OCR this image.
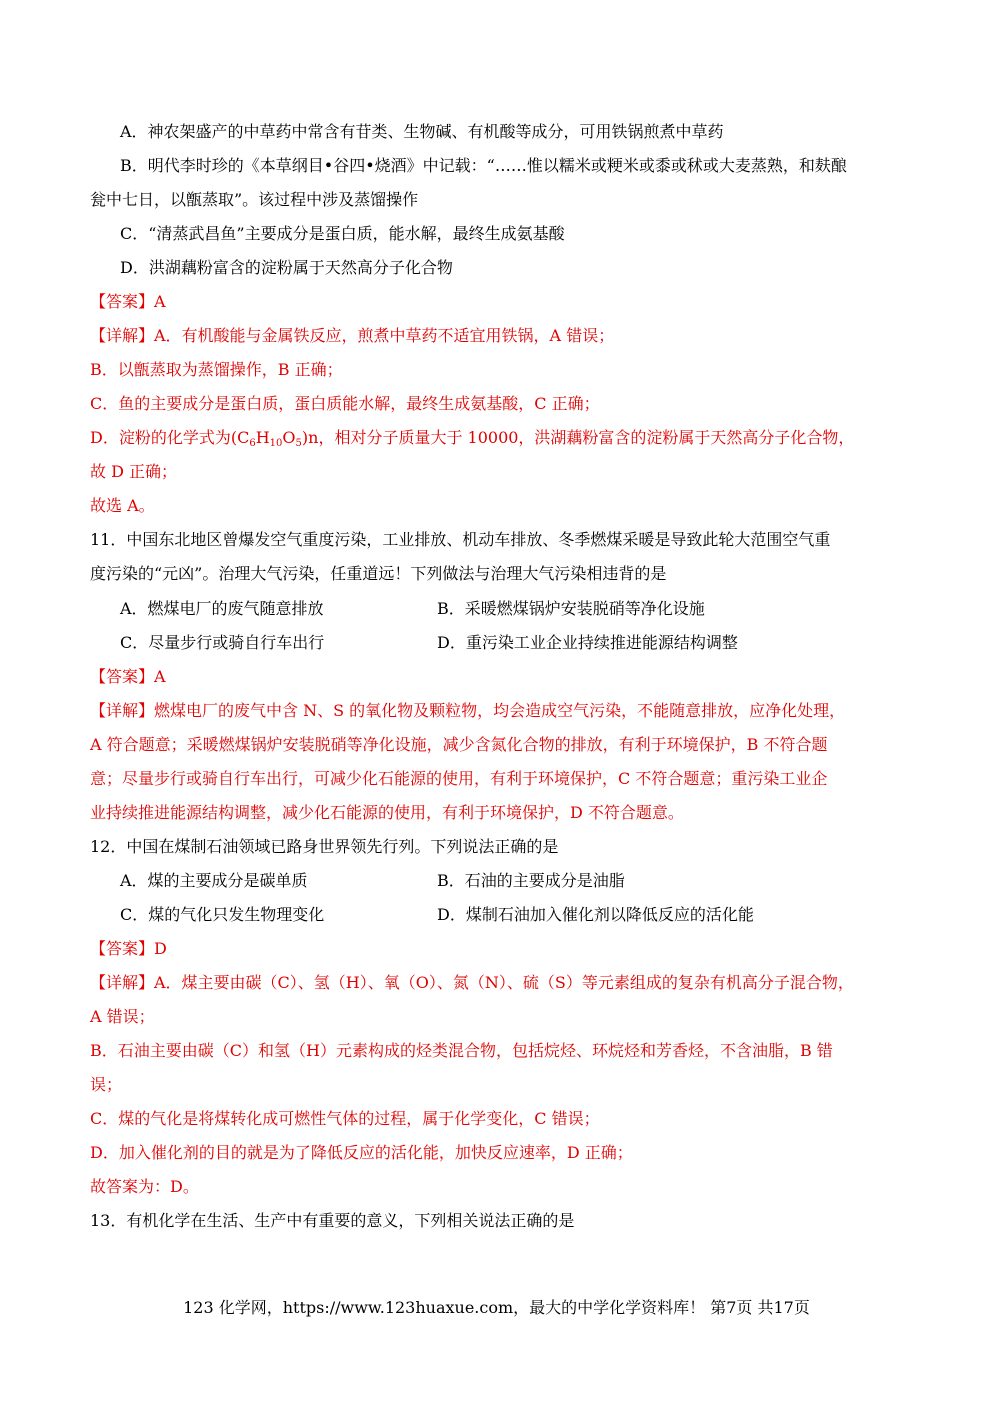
A．神农架盛产的中草药中常含有苷类、生物碱、有机酸等成分，可用铁锅煎煮中草药
B．明代李时珍的《本草纲目•谷四•烧酒》中记载：“……惟以糯米或粳米或黍或秫或大麦蒸熟，和麸酿
瓮中七日，以甑蒸取”。该过程中涉及蒸馏操作
C．“清蒸武昌鱼”主要成分是蛋白质，能水解，最终生成氨基酸
D．洪湖藕粉富含的淀粉属于天然高分子化合物
【答案】A
【详解】A．有机酸能与金属铁反应，煎煮中草药不适宜用铁锅，A 错误；
B．以甑蒸取为蒸馏操作，B 正确；
C．鱼的主要成分是蛋白质，蛋白质能水解，最终生成氨基酸，C 正确；
D．淀粉的化学式为$(C_6H_{10}O_5)n$，相对分子质量大于 10000，洪湖藕粉富含的淀粉属于天然高分子化合物，
故 D 正确；
故选 A。
11．中国东北地区曾爆发空气重度污染，工业排放、机动车排放、冬季燃煤采暖是导致此轮大范围空气重
度污染的“元凶”。治理大气污染，任重道远！下列做法与治理大气污染相违背的是
A．燃煤电厂的废气随意排放	B．采暖燃煤锅炉安装脱硝等净化设施
C．尽量步行或骑自行车出行	D．重污染工业企业持续推进能源结构调整
【答案】A
【详解】燃煤电厂的废气中含 N、S 的氧化物及颗粒物，均会造成空气污染，不能随意排放，应净化处理，
A 符合题意；采暖燃煤锅炉安装脱硝等净化设施，减少含氮化合物的排放，有利于环境保护，B 不符合题
意；尽量步行或骑自行车出行，可减少化石能源的使用，有利于环境保护，C 不符合题意；重污染工业企
业持续推进能源结构调整，减少化石能源的使用，有利于环境保护，D 不符合题意。
12．中国在煤制石油领域已路身世界领先行列。下列说法正确的是
A．煤的主要成分是碳单质	B．石油的主要成分是油脂
C．煤的气化只发生物理变化	D．煤制石油加入催化剂以降低反应的活化能
【答案】D
【详解】A．煤主要由碳（C）、氢（H）、氧（O）、氮（N）、硫（S）等元素组成的复杂有机高分子混合物，
A 错误；
B．石油主要由碳（C）和氢（H）元素构成的烃类混合物，包括烷烃、环烷烃和芳香烃，不含油脂，B 错
误；
C．煤的气化是将煤转化成可燃性气体的过程，属于化学变化，C 错误；
D．加入催化剂的目的就是为了降低反应的活化能，加快反应速率，D 正确；
故答案为：D。
13．有机化学在生活、生产中有重要的意义，下列相关说法正确的是
123 化学网，https://www.123huaxue.com，最大的中学化学资料库！ 第7页 共17页
